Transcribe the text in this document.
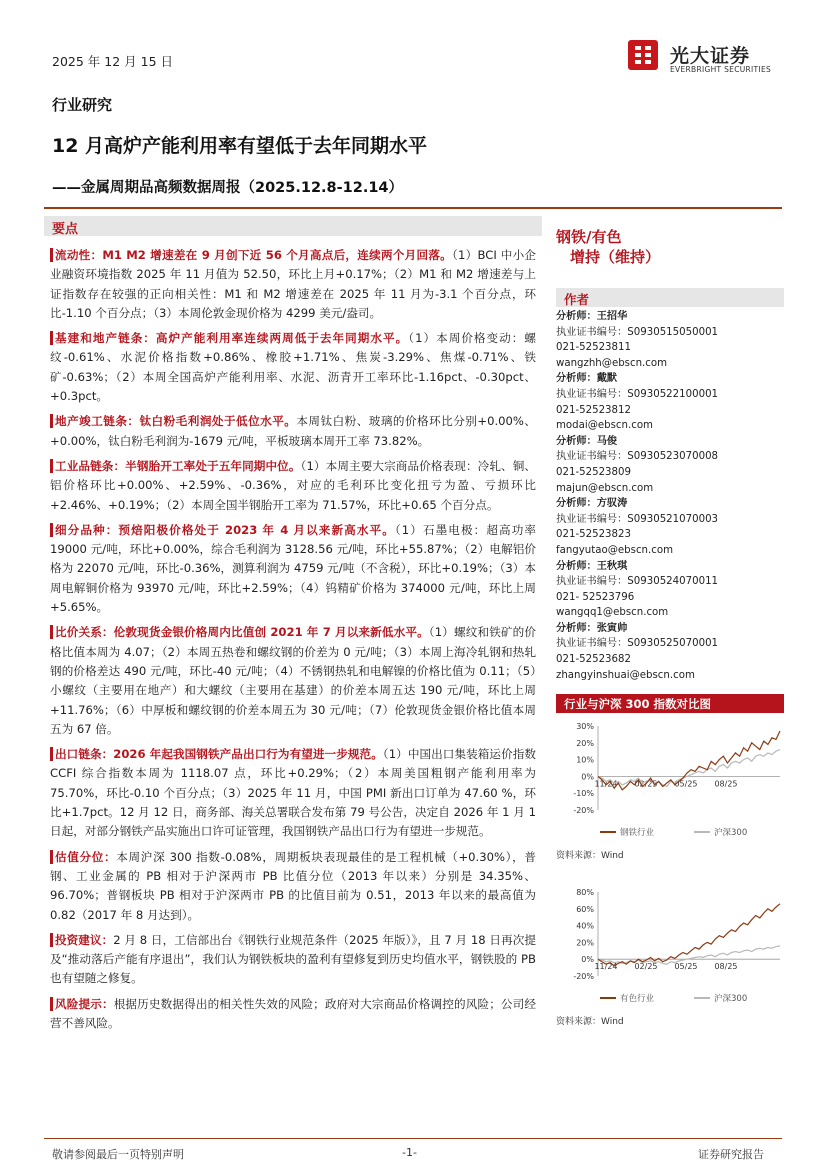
2025 年 12 月 15 日	光大证券
EVERBRIGHT SECURITIES
行业研究
12 月高炉产能利用率有望低于去年同期水平
——金属周期品高频数据周报（2025.12.8-12.14）
要点
流动性：M1 M2 增速差在 9 月创下近 56 个月高点后，连续两个月回落。（1）BCI 中小企业融资环境指数 2025 年 11 月值为 52.50，环比上月+0.17%；（2）M1 和 M2 增速差与上证指数存在较强的正向相关性：M1 和 M2 增速差在 2025 年 11 月为-3.1 个百分点，环比-1.10 个百分点；（3）本周伦敦金现价格为 4299 美元/盎司。
基建和地产链条：高炉产能利用率连续两周低于去年同期水平。（1）本周价格变动：螺纹-0.61%、水泥价格指数+0.86%、橡胶+1.71%、焦炭-3.29%、焦煤-0.71%、铁矿-0.63%；（2）本周全国高炉产能利用率、水泥、沥青开工率环比-1.16pct、-0.30pct、+0.3pct。
地产竣工链条：钛白粉毛利润处于低位水平。本周钛白粉、玻璃的价格环比分别+0.00%、+0.00%，钛白粉毛利润为-1679 元/吨，平板玻璃本周开工率 73.82%。
工业品链条：半钢胎开工率处于五年同期中位。（1）本周主要大宗商品价格表现：冷轧、铜、铝价格环比+0.00%、+2.59%、-0.36%，对应的毛利环比变化扭亏为盈、亏损环比+2.46%、+0.19%；（2）本周全国半钢胎开工率为 71.57%，环比+0.65 个百分点。
细分品种：预焙阳极价格处于 2023 年 4 月以来新高水平。（1）石墨电极：超高功率 19000 元/吨，环比+0.00%，综合毛利润为 3128.56 元/吨，环比+55.87%；（2）电解铝价格为 22070 元/吨，环比-0.36%，测算利润为 4759 元/吨（不含税），环比+0.19%；（3）本周电解铜价格为 93970 元/吨，环比+2.59%；（4）钨精矿价格为 374000 元/吨，环比上周+5.65%。
比价关系：伦敦现货金银价格周内比值创 2021 年 7 月以来新低水平。（1）螺纹和铁矿的价格比值本周为 4.07；（2）本周五热卷和螺纹钢的价差为 0 元/吨；（3）本周上海冷轧钢和热轧钢的价格差达 490 元/吨，环比-40 元/吨；（4）不锈钢热轧和电解镍的价格比值为 0.11；（5）小螺纹（主要用在地产）和大螺纹（主要用在基建）的价差本周五达 190 元/吨，环比上周+11.76%；（6）中厚板和螺纹钢的价差本周五为 30 元/吨；（7）伦敦现货金银价格比值本周五为 67 倍。
出口链条：2026 年起我国钢铁产品出口行为有望进一步规范。（1）中国出口集装箱运价指数 CCFI 综合指数本周为 1118.07 点，环比+0.29%；（2）本周美国粗钢产能利用率为 75.70%，环比-0.10 个百分点；（3）2025 年 11 月，中国 PMI 新出口订单为 47.60 %，环比+1.7pct。12 月 12 日，商务部、海关总署联合发布第 79 号公告，决定自 2026 年 1 月 1 日起，对部分钢铁产品实施出口许可证管理，我国钢铁产品出口行为有望进一步规范。
估值分位：本周沪深 300 指数-0.08%，周期板块表现最佳的是工程机械（+0.30%），普钢、工业金属的 PB 相对于沪深两市 PB 比值分位（2013 年以来）分别是 34.35%、96.70%；普钢板块 PB 相对于沪深两市 PB 的比值目前为 0.51，2013 年以来的最高值为 0.82（2017 年 8 月达到）。
投资建议：2 月 8 日，工信部出台《钢铁行业规范条件（2025 年版）》，且 7 月 18 日再次提及“推动落后产能有序退出”，我们认为钢铁板块的盈利有望修复到历史均值水平，钢铁股的 PB 也有望随之修复。
风险提示：根据历史数据得出的相关性失效的风险；政府对大宗商品价格调控的风险；公司经营不善风险。
钢铁/有色
增持（维持）
作者
分析师：王招华
执业证书编号：S0930515050001
021-52523811
wangzhh@ebscn.com
分析师：戴默
执业证书编号：S0930522100001
021-52523812
modai@ebscn.com
分析师：马俊
执业证书编号：S0930523070008
021-52523809
majun@ebscn.com
分析师：方驭涛
执业证书编号：S0930521070003
021-52523823
fangyutao@ebscn.com
分析师：王秋琪
执业证书编号：S0930524070011
021- 52523796
wangqq1@ebscn.com
分析师：张寅帅
执业证书编号：S0930525070001
021-52523682
zhangyinshuai@ebscn.com
行业与沪深 300 指数对比图
30%
20%
10%
0%
-10%
-20%
11/24 02/25 05/25 08/25
钢铁行业	沪深300
资料来源：Wind
80%
60%
40%
20%
0%
-20%
11/24 02/25 05/25 08/25
有色行业	沪深300
资料来源：Wind
敬请参阅最后一页特别声明	-1-	证券研究报告
